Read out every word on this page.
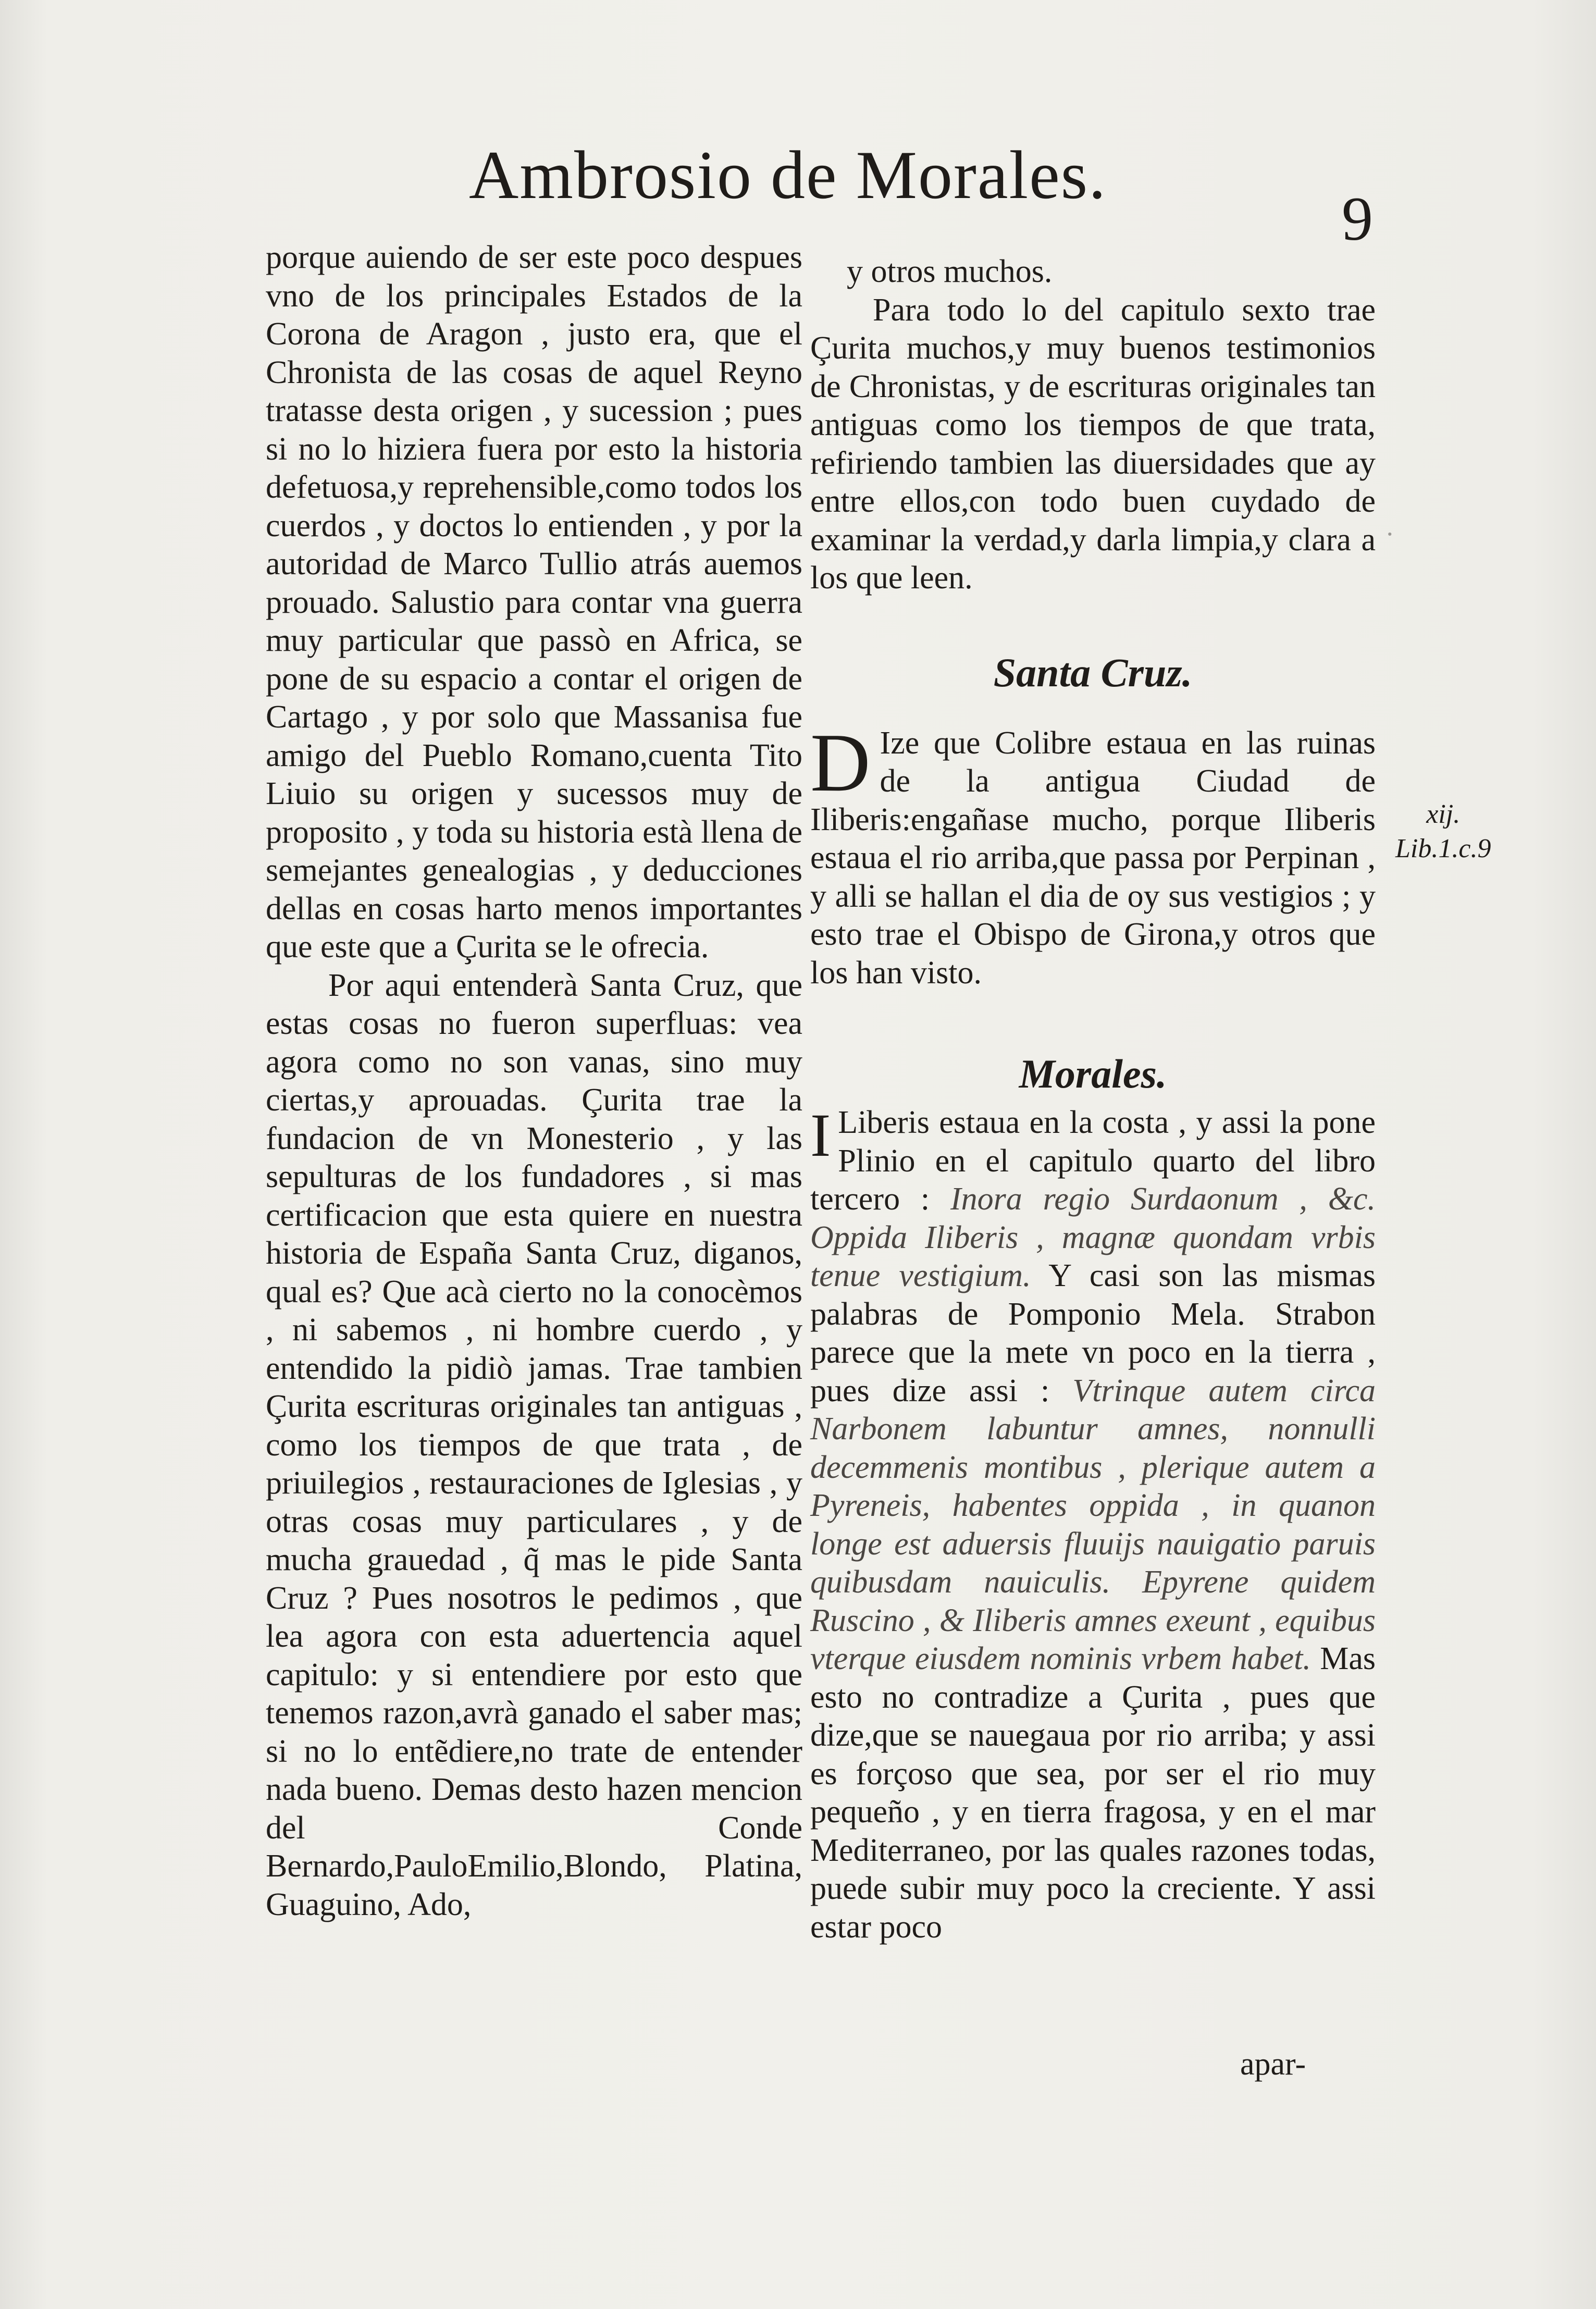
Ambrosio de Morales.
9
·

porque auiendo de ser este poco despues vno de los principales Estados de la Corona de Aragon , justo era, que el Chronista de las cosas de aquel Reyno tratasse desta origen , y sucession ; pues si no lo hiziera fuera por esto la historia defetuosa,y reprehensible,como todos los cuerdos , y doctos lo entienden , y por la autoridad de Marco Tullio atrás auemos prouado. Salustio para contar vna guerra muy particular que passò en Africa, se pone de su espacio a contar el origen de Cartago , y por solo que Massanisa fue amigo del Pueblo Romano,cuenta Tito Liuio su origen y sucessos muy de proposito , y toda su historia està llena de semejantes genealogias , y deducciones dellas en cosas harto menos importantes que este que a Çurita se le ofrecia.

Por aqui entenderà Santa Cruz, que estas cosas no fueron superfluas: vea agora como no son vanas, sino muy ciertas,y aprouadas. Çurita trae la fundacion de vn Monesterio , y las sepulturas de los fundadores , si mas certificacion que esta quiere en nuestra historia de España Santa Cruz, diganos, qual es? Que acà cierto no la conocèmos , ni sabemos , ni hombre cuerdo , y entendido la pidiò jamas. Trae tambien Çurita escrituras originales tan antiguas , como los tiempos de que trata , de priuilegios , restauraciones de Iglesias , y otras cosas muy particulares , y de mucha grauedad , q̃ mas le pide Santa Cruz ? Pues nosotros le pedimos , que lea agora con esta aduertencia aquel capitulo: y si entendiere por esto que tenemos razon,avrà ganado el saber mas; si no lo entẽdiere,no trate de entender nada bueno. Demas desto hazen mencion del Conde Bernardo,PauloEmilio,Blondo, Platina, Guaguino, Ado,

y otros muchos.

Para todo lo del capitulo sexto trae Çurita muchos,y muy buenos testimonios de Chronistas, y de escrituras originales tan antiguas como los tiempos de que trata, refiriendo tambien las diuersidades que ay entre ellos,con todo buen cuydado de examinar la verdad,y darla limpia,y clara a los que leen.

Santa Cruz.
D Ize que Colibre estaua en las ruinas de la antigua Ciudad de Iliberis:engañase mucho, porque Iliberis estaua el rio arriba,que passa por Perpinan , y alli se hallan el dia de oy sus vestigios ; y esto trae el Obispo de Girona,y otros que los han visto.
Morales.
I Liberis estaua en la costa , y assi la pone Plinio en el capitulo quarto del libro tercero : Inora regio Surdaonum , &c. Oppida Iliberis , magnæ quondam vrbis tenue vestigium. Y casi son las mismas palabras de Pomponio Mela. Strabon parece que la mete vn poco en la tierra , pues dize assi : Vtrinque autem circa Narbonem labuntur amnes, nonnulli decemmenis montibus , plerique autem a Pyreneis, habentes oppida , in quanon longe est aduersis fluuijs nauigatio paruis quibusdam nauiculis. Epyrene quidem Ruscino , & Iliberis amnes exeunt , equibus vterque eiusdem nominis vrbem habet. Mas esto no contradize a Çurita , pues que dize,que se nauegaua por rio arriba; y assi es forçoso que sea, por ser el rio muy pequeño , y en tierra fragosa, y en el mar Mediterraneo, por las quales razones todas, puede subir muy poco la creciente. Y assi estar poco
xij.
Lib.1.c.9
apar-
